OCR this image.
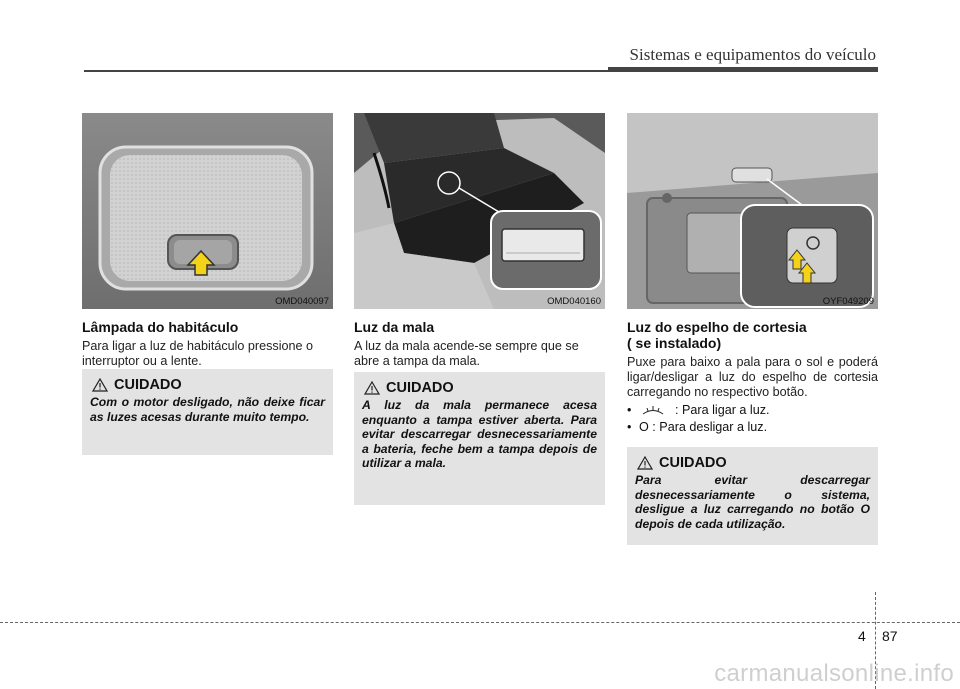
Sistemas e equipamentos do veículo
OMD040097
Lâmpada do habitáculo

Para ligar a luz de habitáculo pressione o interruptor ou a lente.

CUIDADO
Com o motor desligado, não deixe ficar as luzes acesas durante muito tempo.
OMD040160
Luz da mala

A luz da mala acende-se sempre que se abre a tampa da mala.

CUIDADO
A luz da mala permanece acesa enquanto a tampa estiver aberta. Para evitar descarregar desnecessariamente a bateria, feche bem a tampa depois de utilizar a mala.
OYF049209
Luz do espelho de cortesia
( se instalado)

Puxe para baixo a pala para o sol e poderá ligar/desligar a luz do espelho de cortesia carregando no respectivo botão.

• : Para ligar a luz.
• O : Para desligar a luz.
CUIDADO
Para evitar descarregar desnecessariamente o sistema, desligue a luz carregando no botão O depois de cada utilização.
4 87
carmanualsonline.info
